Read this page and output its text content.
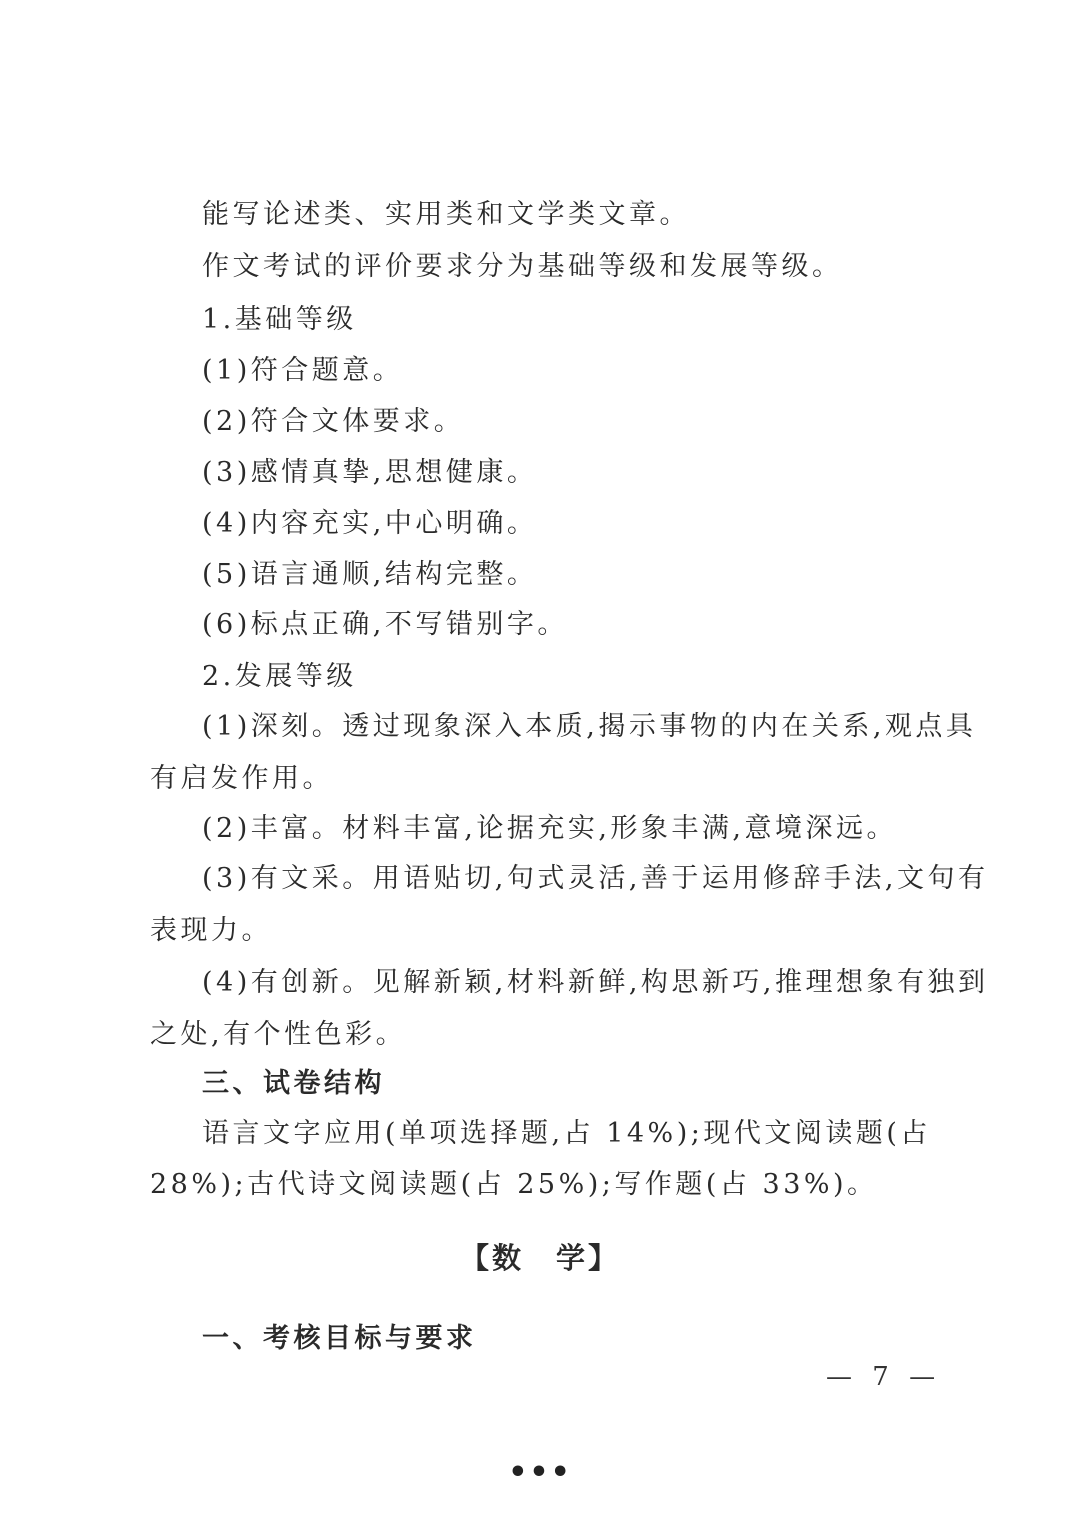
能写论述类、实用类和文学类文章。
作文考试的评价要求分为基础等级和发展等级。
1.基础等级
(1)符合题意。
(2)符合文体要求。
(3)感情真挚,思想健康。
(4)内容充实,中心明确。
(5)语言通顺,结构完整。
(6)标点正确,不写错别字。
2.发展等级
(1)深刻。透过现象深入本质,揭示事物的内在关系,观点具
有启发作用。
(2)丰富。材料丰富,论据充实,形象丰满,意境深远。
(3)有文采。用语贴切,句式灵活,善于运用修辞手法,文句有
表现力。
(4)有创新。见解新颖,材料新鲜,构思新巧,推理想象有独到
之处,有个性色彩。
三、试卷结构
语言文字应用(单项选择题,占 14%);现代文阅读题(占
28%);古代诗文阅读题(占 25%);写作题(占 33%)。
【数　学】
一、考核目标与要求
— 7 —
•••
